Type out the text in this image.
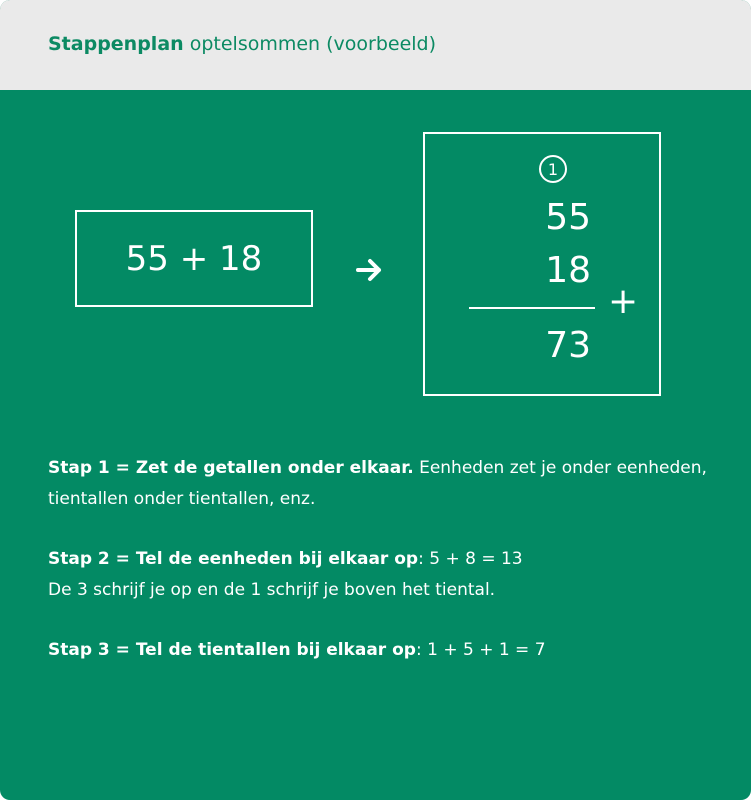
Stappenplan optelsommen (voorbeeld)
55 + 18
1
55
18
+
73

Stap 1 = Zet de getallen onder elkaar. Eenheden zet je onder eenheden, tientallen onder tientallen, enz.

Stap 2 = Tel de eenheden bij elkaar op: 5 + 8 = 13
De 3 schrijf je op en de 1 schrijf je boven het tiental.

Stap 3 = Tel de tientallen bij elkaar op: 1 + 5 + 1 = 7
